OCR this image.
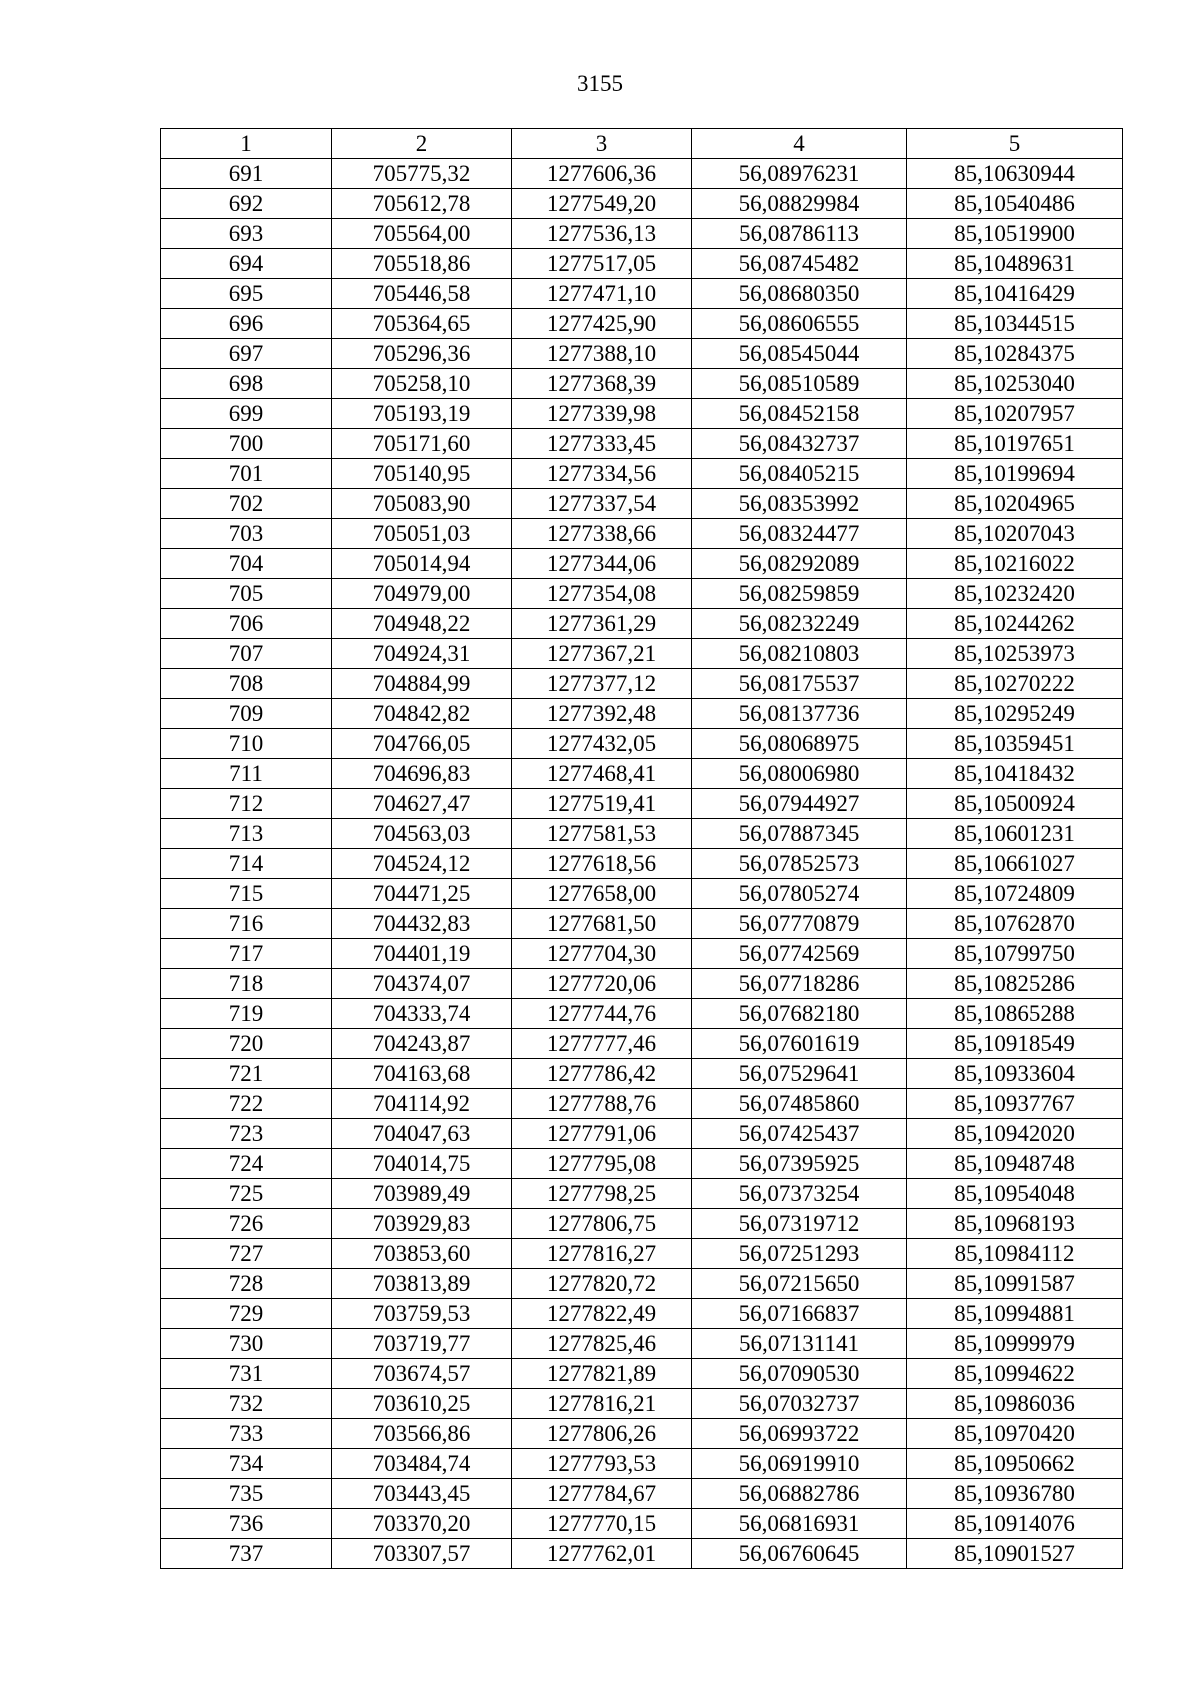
3155
1	2	3	4	5
691	705775,32	1277606,36	56,08976231	85,10630944
692	705612,78	1277549,20	56,08829984	85,10540486
693	705564,00	1277536,13	56,08786113	85,10519900
694	705518,86	1277517,05	56,08745482	85,10489631
695	705446,58	1277471,10	56,08680350	85,10416429
696	705364,65	1277425,90	56,08606555	85,10344515
697	705296,36	1277388,10	56,08545044	85,10284375
698	705258,10	1277368,39	56,08510589	85,10253040
699	705193,19	1277339,98	56,08452158	85,10207957
700	705171,60	1277333,45	56,08432737	85,10197651
701	705140,95	1277334,56	56,08405215	85,10199694
702	705083,90	1277337,54	56,08353992	85,10204965
703	705051,03	1277338,66	56,08324477	85,10207043
704	705014,94	1277344,06	56,08292089	85,10216022
705	704979,00	1277354,08	56,08259859	85,10232420
706	704948,22	1277361,29	56,08232249	85,10244262
707	704924,31	1277367,21	56,08210803	85,10253973
708	704884,99	1277377,12	56,08175537	85,10270222
709	704842,82	1277392,48	56,08137736	85,10295249
710	704766,05	1277432,05	56,08068975	85,10359451
711	704696,83	1277468,41	56,08006980	85,10418432
712	704627,47	1277519,41	56,07944927	85,10500924
713	704563,03	1277581,53	56,07887345	85,10601231
714	704524,12	1277618,56	56,07852573	85,10661027
715	704471,25	1277658,00	56,07805274	85,10724809
716	704432,83	1277681,50	56,07770879	85,10762870
717	704401,19	1277704,30	56,07742569	85,10799750
718	704374,07	1277720,06	56,07718286	85,10825286
719	704333,74	1277744,76	56,07682180	85,10865288
720	704243,87	1277777,46	56,07601619	85,10918549
721	704163,68	1277786,42	56,07529641	85,10933604
722	704114,92	1277788,76	56,07485860	85,10937767
723	704047,63	1277791,06	56,07425437	85,10942020
724	704014,75	1277795,08	56,07395925	85,10948748
725	703989,49	1277798,25	56,07373254	85,10954048
726	703929,83	1277806,75	56,07319712	85,10968193
727	703853,60	1277816,27	56,07251293	85,10984112
728	703813,89	1277820,72	56,07215650	85,10991587
729	703759,53	1277822,49	56,07166837	85,10994881
730	703719,77	1277825,46	56,07131141	85,10999979
731	703674,57	1277821,89	56,07090530	85,10994622
732	703610,25	1277816,21	56,07032737	85,10986036
733	703566,86	1277806,26	56,06993722	85,10970420
734	703484,74	1277793,53	56,06919910	85,10950662
735	703443,45	1277784,67	56,06882786	85,10936780
736	703370,20	1277770,15	56,06816931	85,10914076
737	703307,57	1277762,01	56,06760645	85,10901527
